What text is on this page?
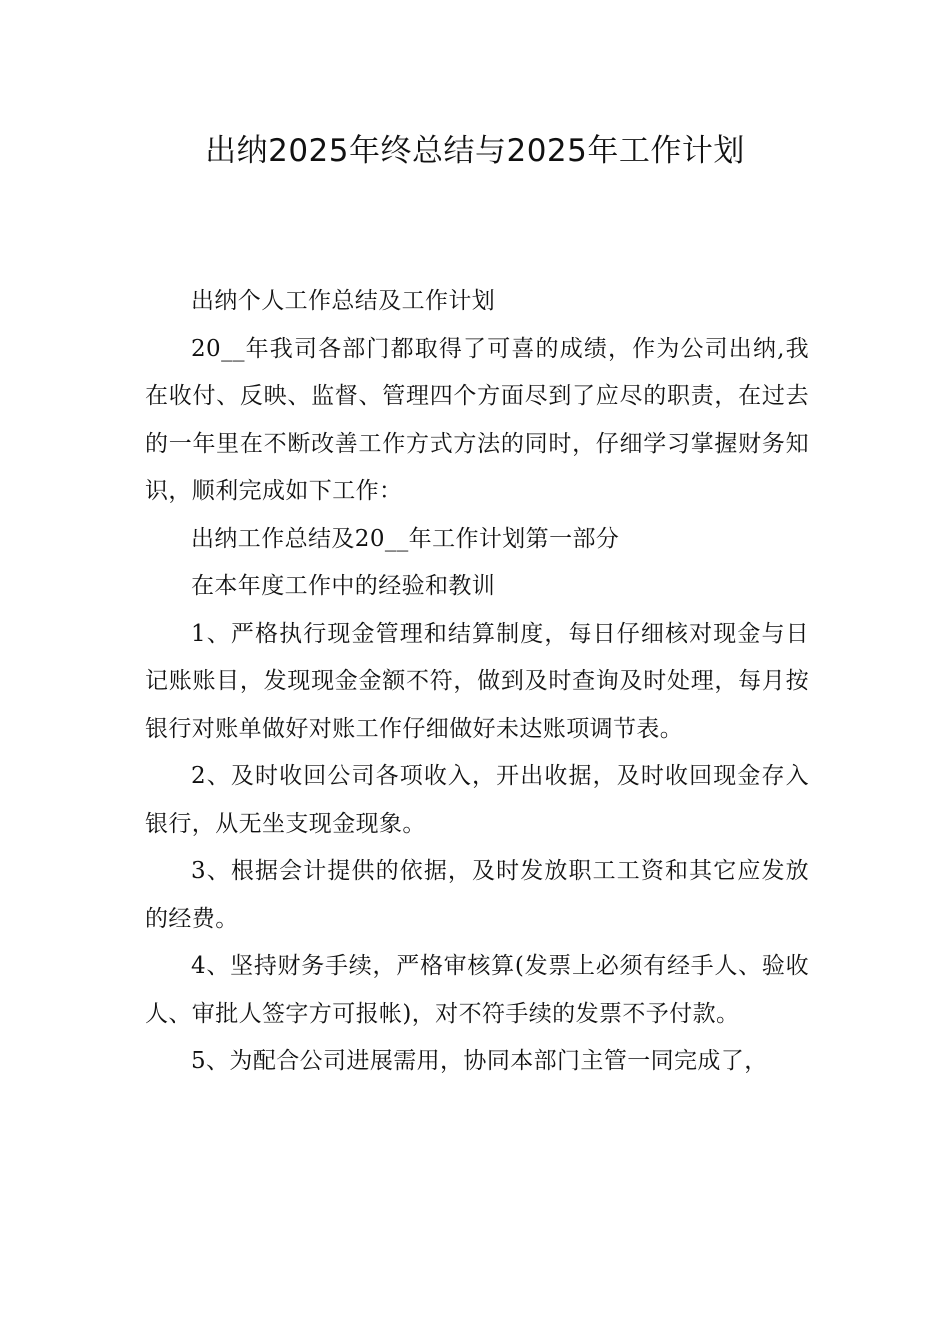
出纳2025年终总结与2025年工作计划

出纳个人工作总结及工作计划

20__年我司各部门都取得了可喜的成绩，作为公司出纳,我在收付、反映、监督、管理四个方面尽到了应尽的职责，在过去的一年里在不断改善工作方式方法的同时，仔细学习掌握财务知识，顺利完成如下工作：

出纳工作总结及20__年工作计划第一部分

在本年度工作中的经验和教训

1、严格执行现金管理和结算制度，每日仔细核对现金与日记账账目，发现现金金额不符，做到及时查询及时处理，每月按银行对账单做好对账工作仔细做好未达账项调节表。

2、及时收回公司各项收入，开出收据，及时收回现金存入银行，从无坐支现金现象。

3、根据会计提供的依据，及时发放职工工资和其它应发放的经费。

4、坚持财务手续，严格审核算(发票上必须有经手人、验收人、审批人签字方可报帐)，对不符手续的发票不予付款。

5、为配合公司进展需用，协同本部门主管一同完成了，
